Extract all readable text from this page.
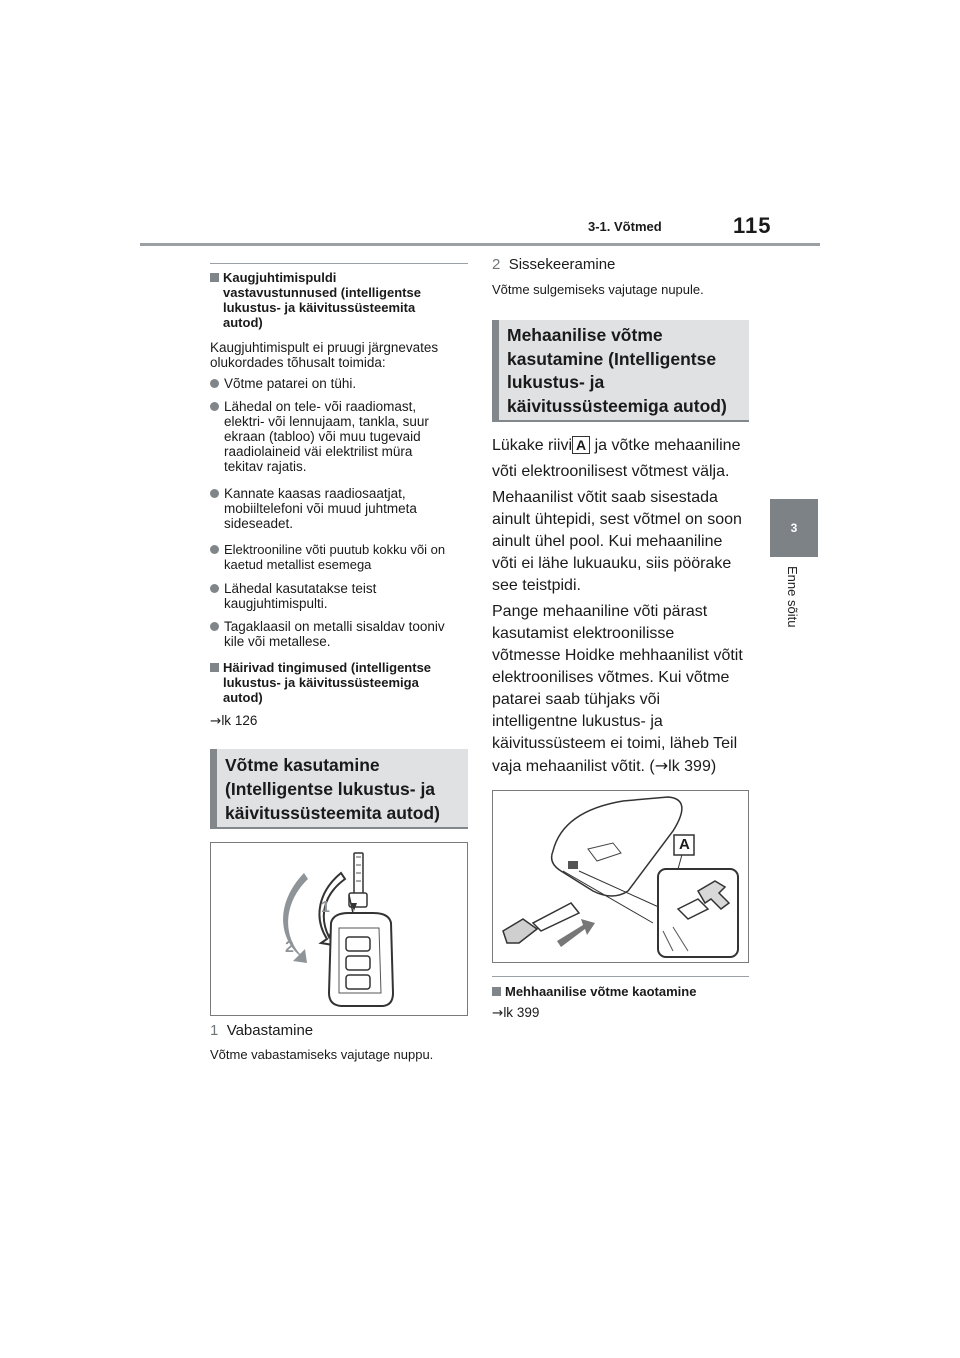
3-1. Võtmed	115
3
Enne sõitu
Kaugjuhtimispuldi
vastavustunnused (intelligentse
lukustus- ja käivitussüsteemita
autod)
Kaugjuhtimispult ei pruugi järgnevates
olukordades tõhusalt toimida:
Võtme patarei on tühi.
Lähedal on tele- või raadiomast,
elektri- või lennujaam, tankla, suur
ekraan (tabloo) või muu tugevaid
raadiolaineid väi elektrilist müra
tekitav rajatis.
Kannate kaasas raadiosaatjat,
mobiiltelefoni või muud juhtmeta
sideseadet.
Elektrooniline võti puutub kokku või on
kaetud metallist esemega
Lähedal kasutatakse teist
kaugjuhtimispulti.
Tagaklaasil on metalli sisaldav tooniv
kile või metallese.
Häirivad tingimused (intelligentse
lukustus- ja käivitussüsteemiga
autod)
→lk 126
Võtme kasutamine
(Intelligentse lukustus- ja
käivitussüsteemita autod)
1
2
1 Vabastamine
Võtme vabastamiseks vajutage nuppu.
2 Sissekeeramine
Võtme sulgemiseks vajutage nupule.
Mehaanilise võtme
kasutamine (Intelligentse
lukustus- ja
käivitussüsteemiga autod)
Lükake riivi A ja võtke mehaaniline
võti elektroonilisest võtmest välja.
Mehaanilist võtit saab sisestada
ainult ühtepidi, sest võtmel on soon
ainult ühel pool. Kui mehaaniline
võti ei lähe lukuauku, siis pöörake
see teistpidi.
Pange mehaaniline võti pärast
kasutamist elektroonilisse
võtmesse Hoidke mehhaanilist võtit
elektroonilises võtmes. Kui võtme
patarei saab tühjaks või
intelligentne lukustus- ja
käivitussüsteem ei toimi, läheb Teil
vaja mehaanilist võtit. (→lk 399)
A
Mehhaanilise võtme kaotamine
→lk 399
